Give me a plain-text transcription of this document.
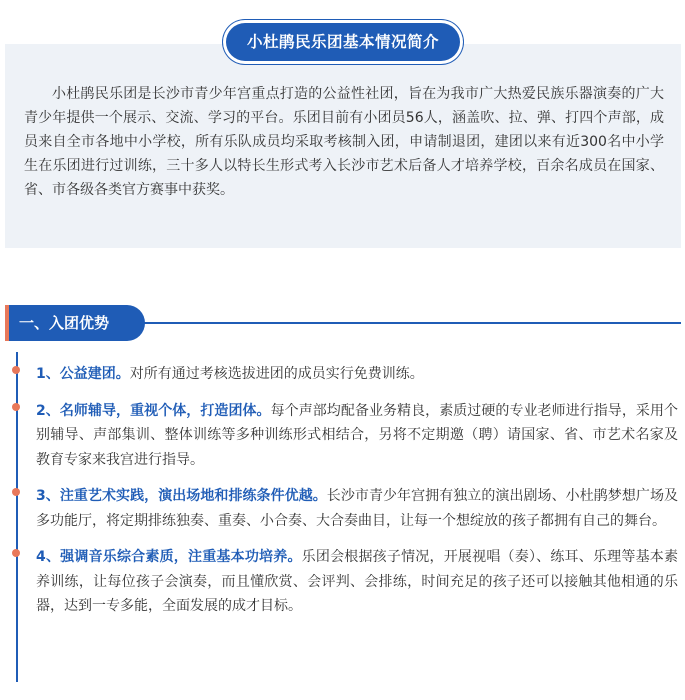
小杜鹃民乐团是长沙市青少年宫重点打造的公益性社团，旨在为我市广大热爱民族乐器演奏的广大青少年提供一个展示、交流、学习的平台。乐团目前有小团员56人，涵盖吹、拉、弹、打四个声部，成员来自全市各地中小学校，所有乐队成员均采取考核制入团，申请制退团，建团以来有近300名中小学生在乐团进行过训练，三十多人以特长生形式考入长沙市艺术后备人才培养学校，百余名成员在国家、省、市各级各类官方赛事中获奖。

小杜鹃民乐团基本情况简介
一、入团优势
1、公益建团。对所有通过考核选拔进团的成员实行免费训练。
2、名师辅导，重视个体，打造团体。每个声部均配备业务精良，素质过硬的专业老师进行指导，采用个别辅导、声部集训、整体训练等多种训练形式相结合，另将不定期邀（聘）请国家、省、市艺术名家及教育专家来我宫进行指导。
3、注重艺术实践，演出场地和排练条件优越。长沙市青少年宫拥有独立的演出剧场、小杜鹃梦想广场及多功能厅，将定期排练独奏、重奏、小合奏、大合奏曲目，让每一个想绽放的孩子都拥有自己的舞台。
4、强调音乐综合素质，注重基本功培养。乐团会根据孩子情况，开展视唱（奏）、练耳、乐理等基本素养训练，让每位孩子会演奏，而且懂欣赏、会评判、会排练，时间充足的孩子还可以接触其他相通的乐器，达到一专多能，全面发展的成才目标。
